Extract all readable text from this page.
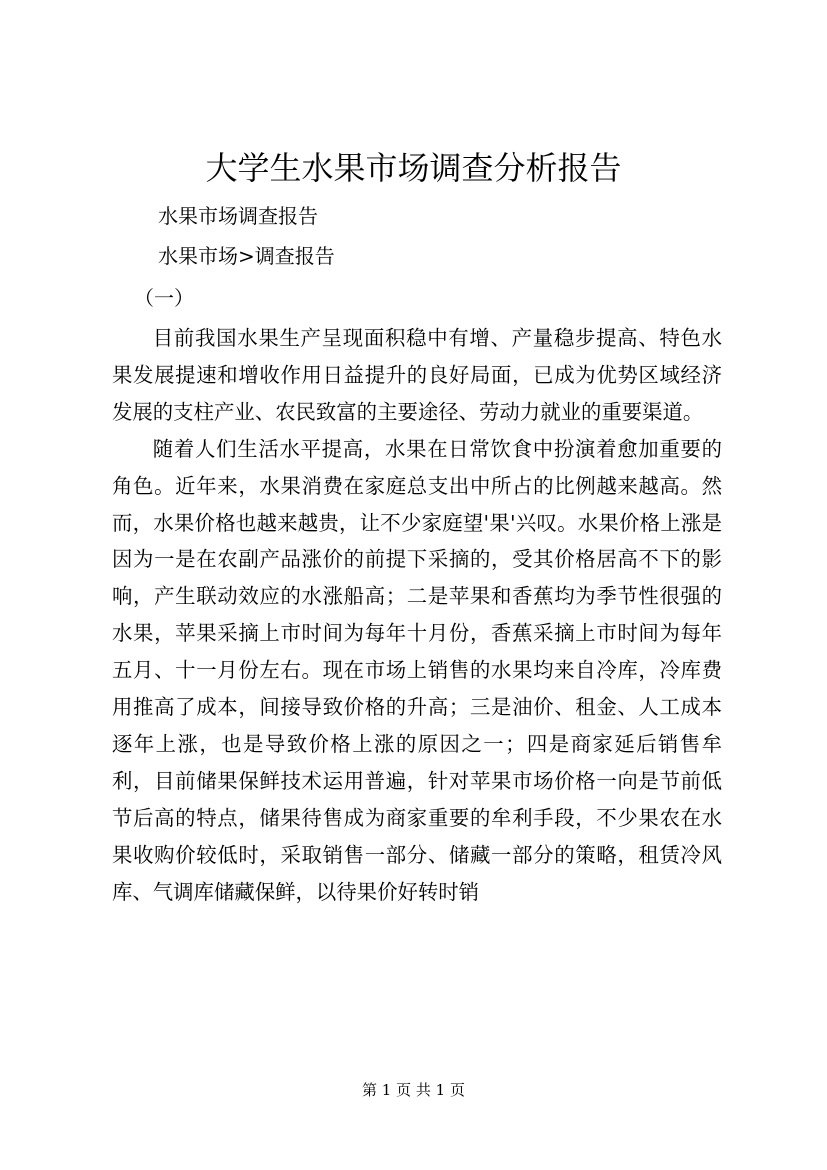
大学生水果市场调查分析报告
水果市场调查报告
水果市场>调查报告
（一）

目前我国水果生产呈现面积稳中有增、产量稳步提高、特色水果发展提速和增收作用日益提升的良好局面，已成为优势区域经济发展的支柱产业、农民致富的主要途径、劳动力就业的重要渠道。

随着人们生活水平提高，水果在日常饮食中扮演着愈加重要的角色。近年来，水果消费在家庭总支出中所占的比例越来越高。然而，水果价格也越来越贵，让不少家庭望'果'兴叹。水果价格上涨是因为一是在农副产品涨价的前提下采摘的，受其价格居高不下的影响，产生联动效应的水涨船高；二是苹果和香蕉均为季节性很强的水果，苹果采摘上市时间为每年十月份，香蕉采摘上市时间为每年五月、十一月份左右。现在市场上销售的水果均来自冷库，冷库费用推高了成本，间接导致价格的升高；三是油价、租金、人工成本逐年上涨，也是导致价格上涨的原因之一；四是商家延后销售牟利，目前储果保鲜技术运用普遍，针对苹果市场价格一向是节前低节后高的特点，储果待售成为商家重要的牟利手段，不少果农在水果收购价较低时，采取销售一部分、储藏一部分的策略，租赁冷风库、气调库储藏保鲜，以待果价好转时销

第 1 页 共 1 页
